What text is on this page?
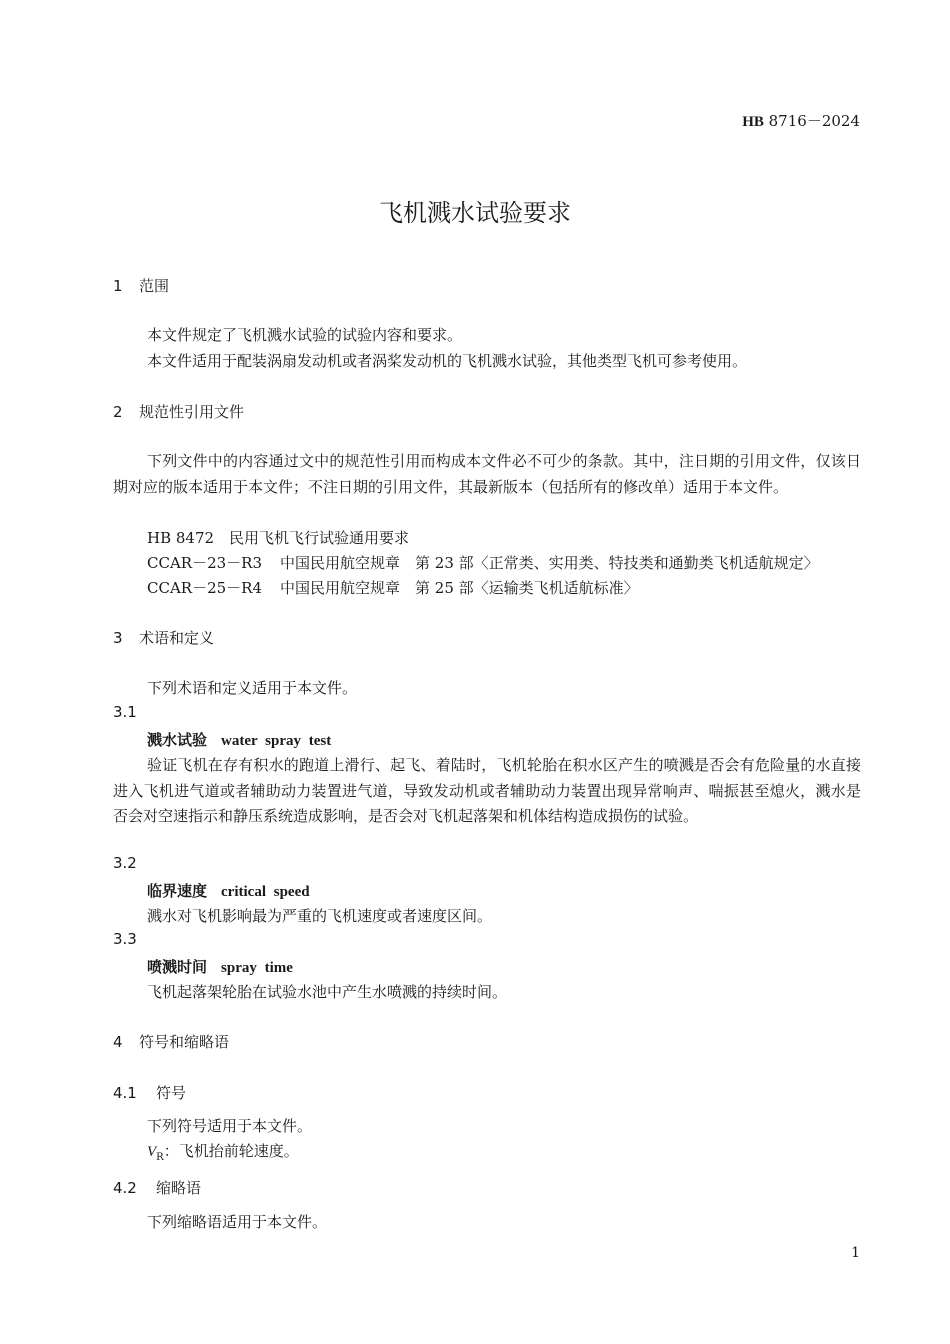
HB 8716－2024
飞机溅水试验要求
1 范围
本文件规定了飞机溅水试验的试验内容和要求。
本文件适用于配装涡扇发动机或者涡桨发动机的飞机溅水试验，其他类型飞机可参考使用。
2 规范性引用文件
下列文件中的内容通过文中的规范性引用而构成本文件必不可少的条款。其中，注日期的引用文件，仅该日期对应的版本适用于本文件；不注日期的引用文件，其最新版本（包括所有的修改单）适用于本文件。
HB 8472 民用飞机飞行试验通用要求
CCAR－23－R3 中国民用航空规章　第 23 部〈正常类、实用类、特技类和通勤类飞机适航规定〉
CCAR－25－R4 中国民用航空规章　第 25 部〈运输类飞机适航标准〉
3 术语和定义
下列术语和定义适用于本文件。
3.1
溅水试验 water spray test
验证飞机在存有积水的跑道上滑行、起飞、着陆时，飞机轮胎在积水区产生的喷溅是否会有危险量的水直接进入飞机进气道或者辅助动力装置进气道，导致发动机或者辅助动力装置出现异常响声、喘振甚至熄火，溅水是否会对空速指示和静压系统造成影响，是否会对飞机起落架和机体结构造成损伤的试验。
3.2
临界速度 critical speed
溅水对飞机影响最为严重的飞机速度或者速度区间。
3.3
喷溅时间 spray time
飞机起落架轮胎在试验水池中产生水喷溅的持续时间。
4 符号和缩略语
4.1 符号
下列符号适用于本文件。
$V_R$：飞机抬前轮速度。
4.2 缩略语
下列缩略语适用于本文件。
1
